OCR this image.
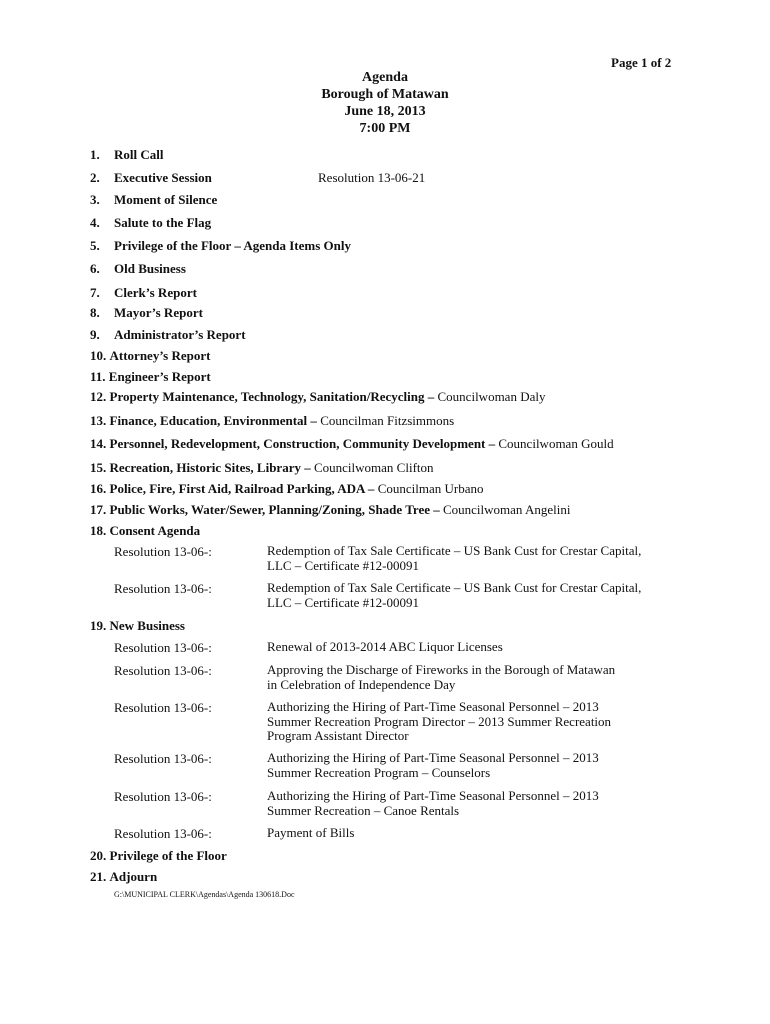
Page 1 of 2
Agenda
Borough of Matawan
June 18, 2013
7:00 PM
1. Roll Call
2. Executive Session	Resolution 13-06-21
3. Moment of Silence
4. Salute to the Flag
5. Privilege of the Floor – Agenda Items Only
6. Old Business
7. Clerk’s Report
8. Mayor’s Report
9. Administrator’s Report
10. Attorney’s Report
11. Engineer’s Report
12. Property Maintenance, Technology, Sanitation/Recycling – Councilwoman Daly
13. Finance, Education, Environmental – Councilman Fitzsimmons
14. Personnel, Redevelopment, Construction, Community Development – Councilwoman Gould
15. Recreation, Historic Sites, Library – Councilwoman Clifton
16. Police, Fire, First Aid, Railroad Parking, ADA – Councilman Urbano
17. Public Works, Water/Sewer, Planning/Zoning, Shade Tree – Councilwoman Angelini
18. Consent Agenda
Resolution 13-06-:	Redemption of Tax Sale Certificate – US Bank Cust for Crestar Capital,
LLC – Certificate #12-00091
Resolution 13-06-:	Redemption of Tax Sale Certificate – US Bank Cust for Crestar Capital,
LLC – Certificate #12-00091
19. New Business
Resolution 13-06-:	Renewal of 2013-2014 ABC Liquor Licenses
Resolution 13-06-:	Approving the Discharge of Fireworks in the Borough of Matawan
in Celebration of Independence Day
Resolution 13-06-:	Authorizing the Hiring of Part-Time Seasonal Personnel – 2013
Summer Recreation Program Director – 2013 Summer Recreation
Program Assistant Director
Resolution 13-06-:	Authorizing the Hiring of Part-Time Seasonal Personnel – 2013
Summer Recreation Program – Counselors
Resolution 13-06-:	Authorizing the Hiring of Part-Time Seasonal Personnel – 2013
Summer Recreation – Canoe Rentals
Resolution 13-06-:	Payment of Bills
20. Privilege of the Floor
21. Adjourn
G:\MUNICIPAL CLERK\Agendas\Agenda 130618.Doc
